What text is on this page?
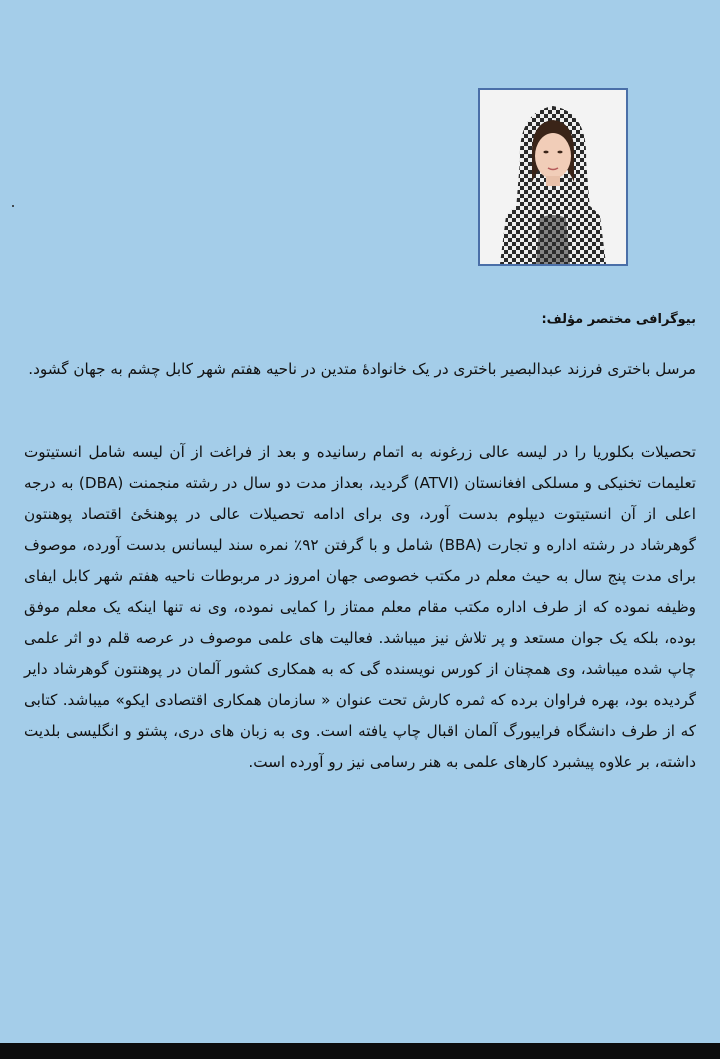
بیوگرافی مختصر مؤلف:
مرسل باختری فرزند عبدالبصیر باختری در یک خانوادهٔ متدین در ناحیه هفتم شهر کابل چشم به جهان گشود.
تحصیلات بکلوریا را در لیسه عالی زرغونه به اتمام رسانیده و بعد از فراغت از آن لیسه شامل انستیتوت تعلیمات تخنیکی و مسلکی افغانستان (ATVI) گردید، بعداز مدت دو سال در رشته منجمنت (DBA) به درجه اعلی از آن انستیتوت دیپلوم بدست آورد، وی برای ادامه تحصیلات عالی در پوهنځئ اقتصاد پوهنتون گوهرشاد در رشته اداره و تجارت (BBA) شامل و با گرفتن ۹۲٪ نمره سند لیسانس بدست آورده، موصوف برای مدت پنج سال به حیث معلم در مکتب خصوصی جهان امروز در مربوطات ناحیه هفتم شهر کابل ایفای وظیفه نموده که از طرف اداره مکتب مقام معلم ممتاز را کمایی نموده، وی نه تنها اینکه یک معلم موفق بوده، بلکه یک جوان مستعد و پر تلاش نیز میباشد. فعالیت های علمی موصوف در عرصه قلم دو اثر علمی چاپ شده میباشد، وی همچنان از کورس نویسنده گی که به همکاری کشور آلمان در پوهنتون گوهرشاد دایر گردیده بود، بهره فراوان برده که ثمره کارش تحت عنوان « سازمان همکاری اقتصادی ایکو» میباشد. کتابی که از طرف دانشگاه فرایبورگ آلمان اقبال چاپ یافته است. وی به زبان های دری، پشتو و انگلیسی بلدیت داشته، بر علاوه پیشبرد کارهای علمی به هنر رسامی نیز رو آورده است.
